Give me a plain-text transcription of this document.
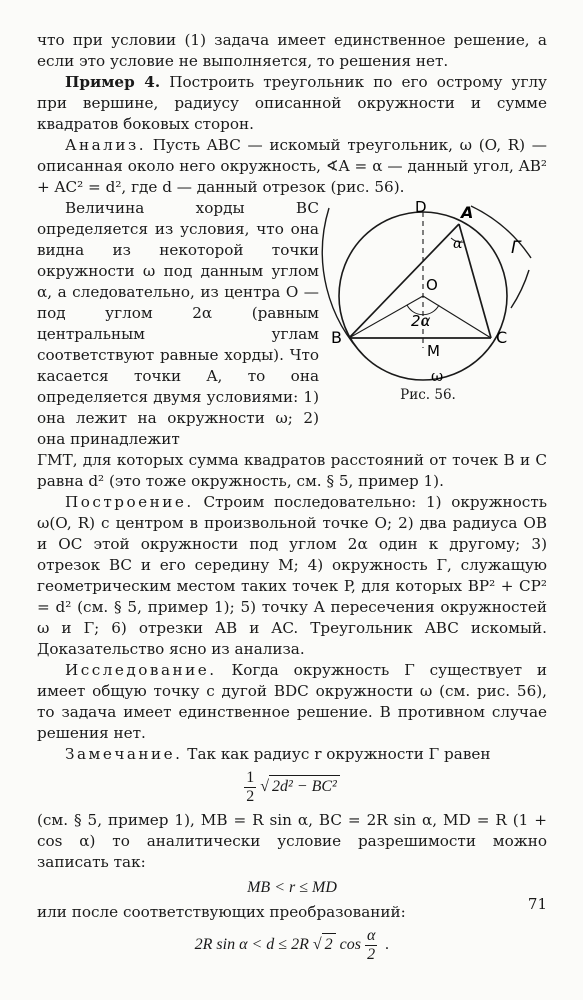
что при условии (1) задача имеет единственное решение, а если это условие не выполняется, то решения нет.

Пример 4. Построить треугольник по его острому углу при вершине, радиусу описанной окружности и сумме квадратов боковых сторон.

Анализ. Пусть ABC — искомый треугольник, ω (O, R) — описанная около него окружность, ∢A = α — данный угол, AB² + AC² = d², где d — данный отрезок (рис. 56).

Величина хорды BC определяется из условия, что она видна из некоторой точки окружности ω под данным углом α, а следовательно, из центра O — под углом 2α (равным центральным углам соответствуют равные хорды). Что касается точки A, то она определяется двумя условиями: 1) она лежит на окружности ω; 2) она принадлежит

D A
α	Γ
O
2α
B	C
M
ω
Рис. 56.

ГМТ, для которых сумма квадратов расстояний от точек B и C равна d² (это тоже окружность, см. § 5, пример 1).

Построение. Строим последовательно: 1) окружность ω(O, R) с центром в произвольной точке O; 2) два радиуса OB и OC этой окружности под углом 2α один к другому; 3) отрезок BC и его середину M; 4) окружность Γ, служащую геометрическим местом таких точек P, для которых BP² + CP² = d² (см. § 5, пример 1); 5) точку A пересечения окружностей ω и Γ; 6) отрезки AB и AC. Треугольник ABC искомый. Доказательство ясно из анализа.

Исследование. Когда окружность Γ существует и имеет общую точку с дугой BDC окружности ω (см. рис. 56), то задача имеет единственное решение. В противном случае решения нет.

Замечание. Так как радиус r окружности Γ равен

$\frac{1}{2}$ √ 2d² − BC²

(см. § 5, пример 1), MB = R sin α, BC = 2R sin α, MD = R (1 + cos α) то аналитически условие разрешимости можно записать так:

MB < r ≤ MD

или после соответствующих преобразований:

2R sin α < d ≤ 2R √ 2 $\cos \frac{\alpha}{2}$ .
71
